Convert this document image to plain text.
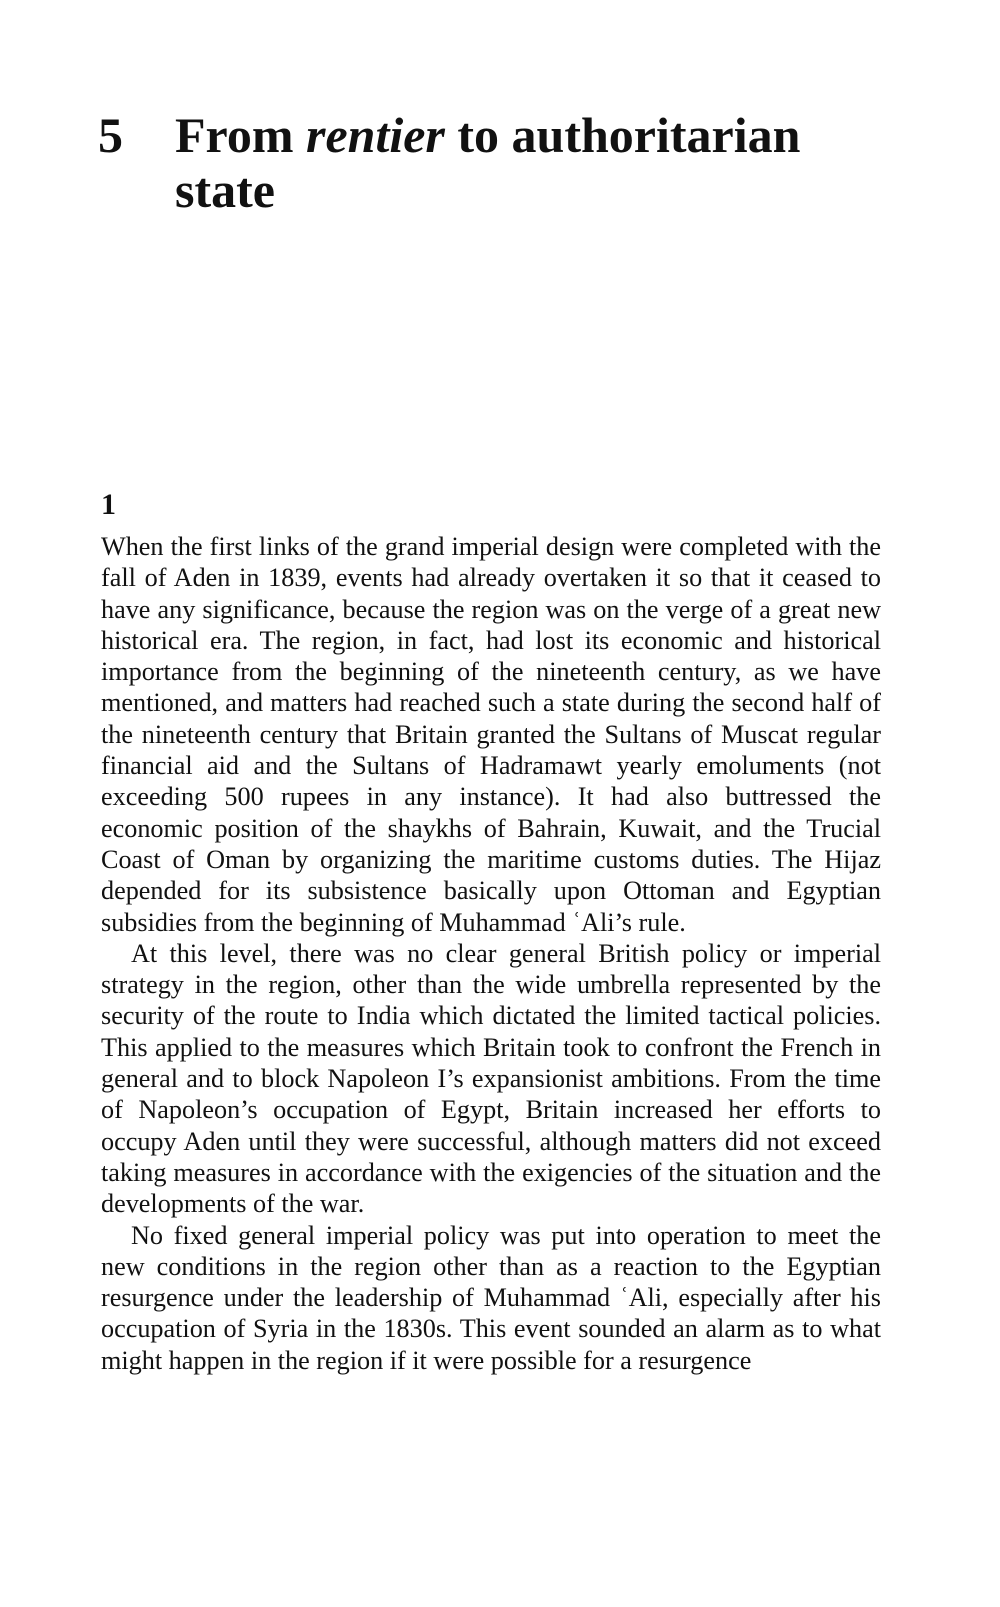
5 From rentier to authoritarian state
1

When the first links of the grand imperial design were completed with the fall of Aden in 1839, events had already overtaken it so that it ceased to have any significance, because the region was on the verge of a great new historical era. The region, in fact, had lost its economic and historical importance from the beginning of the nineteenth century, as we have mentioned, and matters had reached such a state during the second half of the nineteenth century that Britain granted the Sultans of Muscat regular financial aid and the Sultans of Hadramawt yearly emoluments (not exceeding 500 rupees in any instance). It had also buttressed the economic position of the shaykhs of Bahrain, Kuwait, and the Trucial Coast of Oman by organizing the maritime customs duties. The Hijaz depended for its subsistence basically upon Ottoman and Egyptian subsidies from the beginning of Muhammad ʿAli’s rule.

At this level, there was no clear general British policy or imperial strategy in the region, other than the wide umbrella represented by the security of the route to India which dictated the limited tactical policies. This applied to the measures which Britain took to confront the French in general and to block Napoleon I’s expansionist ambitions. From the time of Napoleon’s occupation of Egypt, Britain increased her efforts to occupy Aden until they were successful, although matters did not exceed taking measures in accordance with the exigencies of the situation and the developments of the war.

No fixed general imperial policy was put into operation to meet the new conditions in the region other than as a reaction to the Egyptian resurgence under the leadership of Muhammad ʿAli, especially after his occupation of Syria in the 1830s. This event sounded an alarm as to what might happen in the region if it were possible for a resurgence
